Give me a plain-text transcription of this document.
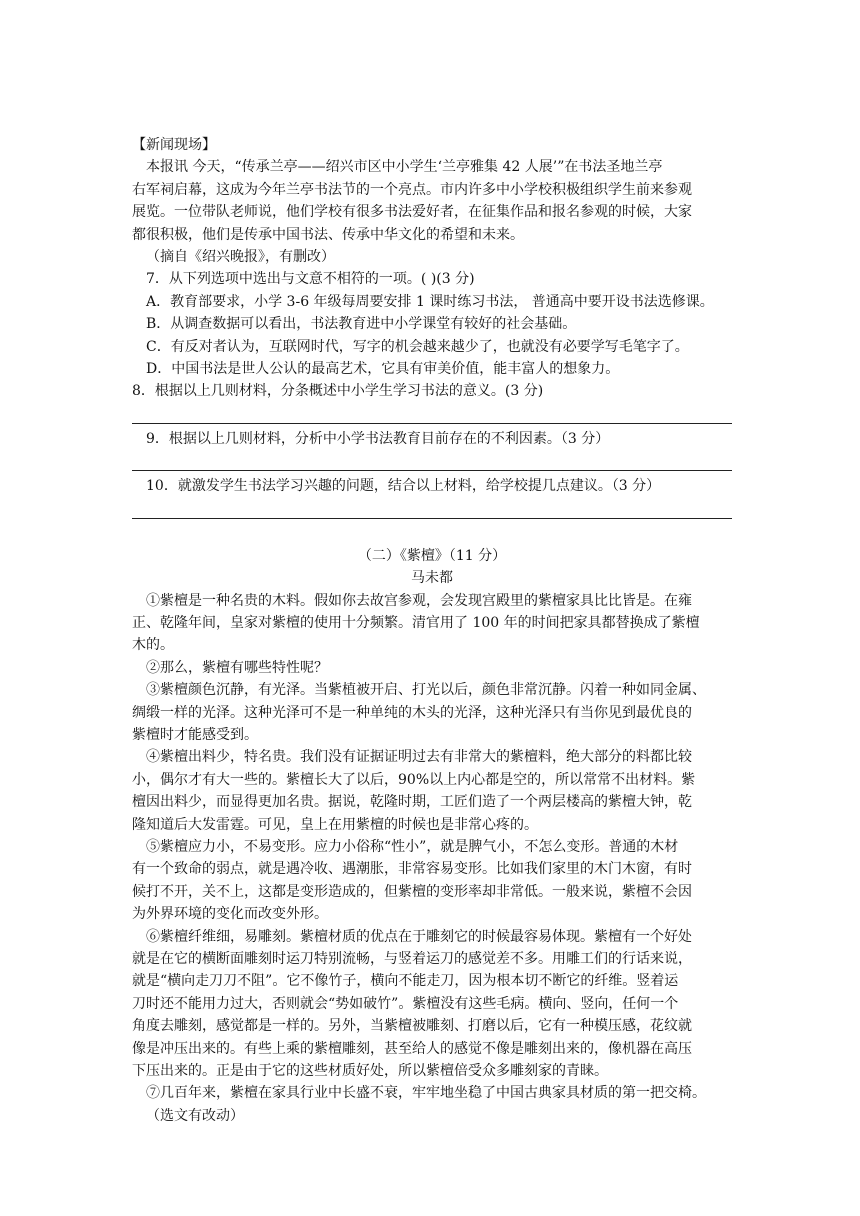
【新闻现场】
本报讯 今天，“传承兰亭——绍兴市区中小学生‘兰亭雅集 42 人展’”在书法圣地兰亭
右军祠启幕，这成为今年兰亭书法节的一个亮点。市内许多中小学校积极组织学生前来参观
展览。一位带队老师说，他们学校有很多书法爱好者，在征集作品和报名参观的时候，大家
都很积极，他们是传承中国书法、传承中华文化的希望和未来。
（摘自《绍兴晚报》，有删改）
7．从下列选项中选出与文意不相符的一项。( )(3 分)
A．教育部要求，小学 3-6 年级每周要安排 1 课时练习书法， 普通高中要开设书法选修课。
B．从调查数据可以看出，书法教育进中小学课堂有较好的社会基础。
C．有反对者认为，互联网时代，写字的机会越来越少了，也就没有必要学写毛笔字了。
D．中国书法是世人公认的最高艺术，它具有审美价值，能丰富人的想象力。
8．根据以上几则材料，分条概述中小学生学习书法的意义。(3 分)
9．根据以上几则材料，分析中小学书法教育目前存在的不利因素。（3 分）
10．就激发学生书法学习兴趣的问题，结合以上材料，给学校提几点建议。（3 分）
（二）《紫檀》（11 分）
马未都
①紫檀是一种名贵的木料。假如你去故宫参观，会发现宫殿里的紫檀家具比比皆是。在雍
正、乾隆年间，皇家对紫檀的使用十分频繁。清官用了 100 年的时间把家具都替换成了紫檀
木的。
②那么，紫檀有哪些特性呢？
③紫檀颜色沉静，有光泽。当紫植被开启、打光以后，颜色非常沉静。闪着一种如同金属、
绸缎一样的光泽。这种光泽可不是一种单纯的木头的光泽，这种光泽只有当你见到最优良的
紫檀时才能感受到。
④紫檀出料少，特名贵。我们没有证据证明过去有非常大的紫檀料，绝大部分的料都比较
小，偶尔才有大一些的。紫檀长大了以后，90%以上内心都是空的，所以常常不出材料。紫
檀因出料少，而显得更加名贵。据说，乾隆时期，工匠们造了一个两层楼高的紫檀大钟，乾
隆知道后大发雷霆。可见，皇上在用紫檀的时候也是非常心疼的。
⑤紫檀应力小，不易变形。应力小俗称“性小”，就是脾气小，不怎么变形。普通的木材
有一个致命的弱点，就是遇冷收、遇潮胀，非常容易变形。比如我们家里的木门木窗，有时
候打不开，关不上，这都是变形造成的，但紫檀的变形率却非常低。一般来说，紫檀不会因
为外界环境的变化而改变外形。
⑥紫檀纤维细，易雕刻。紫檀材质的优点在于雕刻它的时候最容易体现。紫檀有一个好处
就是在它的横断面雕刻时运刀特别流畅，与竖着运刀的感觉差不多。用雕工们的行话来说，
就是“横向走刀刀不阻”。它不像竹子，横向不能走刀，因为根本切不断它的纤维。竖着运
刀时还不能用力过大，否则就会“势如破竹”。紫檀没有这些毛病。横向、竖向，任何一个
角度去雕刻，感觉都是一样的。另外，当紫檀被雕刻、打磨以后，它有一种模压感，花纹就
像是冲压出来的。有些上乘的紫檀雕刻，甚至给人的感觉不像是雕刻出来的，像机器在高压
下压出来的。正是由于它的这些材质好处，所以紫檀倍受众多雕刻家的青睐。
⑦几百年来，紫檀在家具行业中长盛不衰，牢牢地坐稳了中国古典家具材质的第一把交椅。
（选文有改动）
